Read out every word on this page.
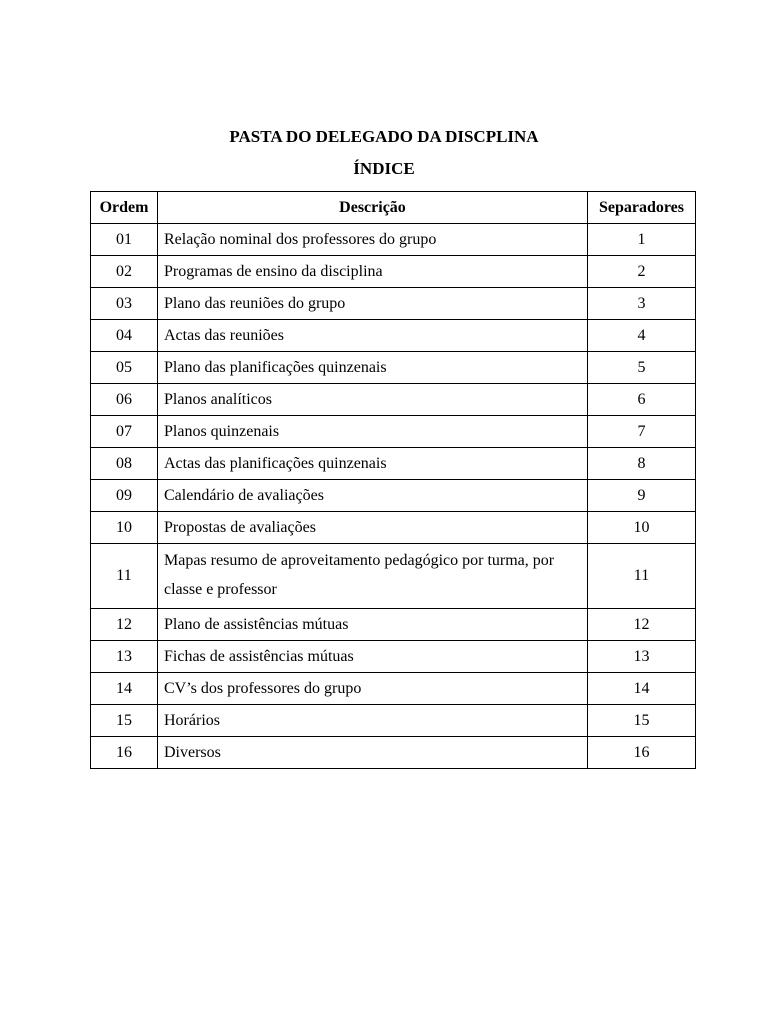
PASTA DO DELEGADO DA DISCPLINA
ÍNDICE
Ordem	Descrição	Separadores
01	Relação nominal dos professores do grupo	1
02	Programas de ensino da disciplina	2
03	Plano das reuniões do grupo	3
04	Actas das reuniões	4
05	Plano das planificações quinzenais	5
06	Planos analíticos	6
07	Planos quinzenais	7
08	Actas das planificações quinzenais	8
09	Calendário de avaliações	9
10	Propostas de avaliações	10
11	Mapas resumo de aproveitamento pedagógico por turma, por classe e professor	11
12	Plano de assistências mútuas	12
13	Fichas de assistências mútuas	13
14	CV’s dos professores do grupo	14
15	Horários	15
16	Diversos	16
